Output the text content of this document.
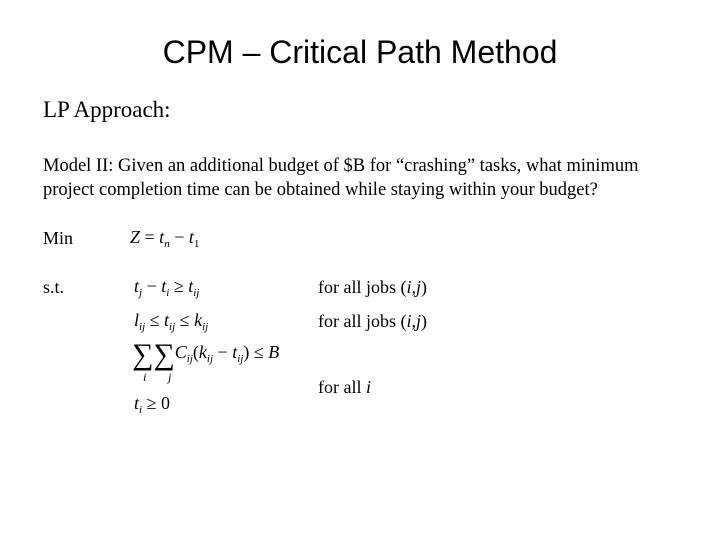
CPM – Critical Path Method
LP Approach:
Model II: Given an additional budget of $B for “crashing” tasks, what minimum project completion time can be obtained while staying within your budget?
Min	$Z = t_n - t_1$
s.t.	$t_j - t_i \ge t_{ij}$	for all jobs (i,j)
$l_{ij} \le t_{ij} \le k_{ij}$	for all jobs (i,j)
$\sum\sum C_{ij}(k_{ij} - t_{ij}) \le B$
i j	for all i
$t_i \ge 0$
